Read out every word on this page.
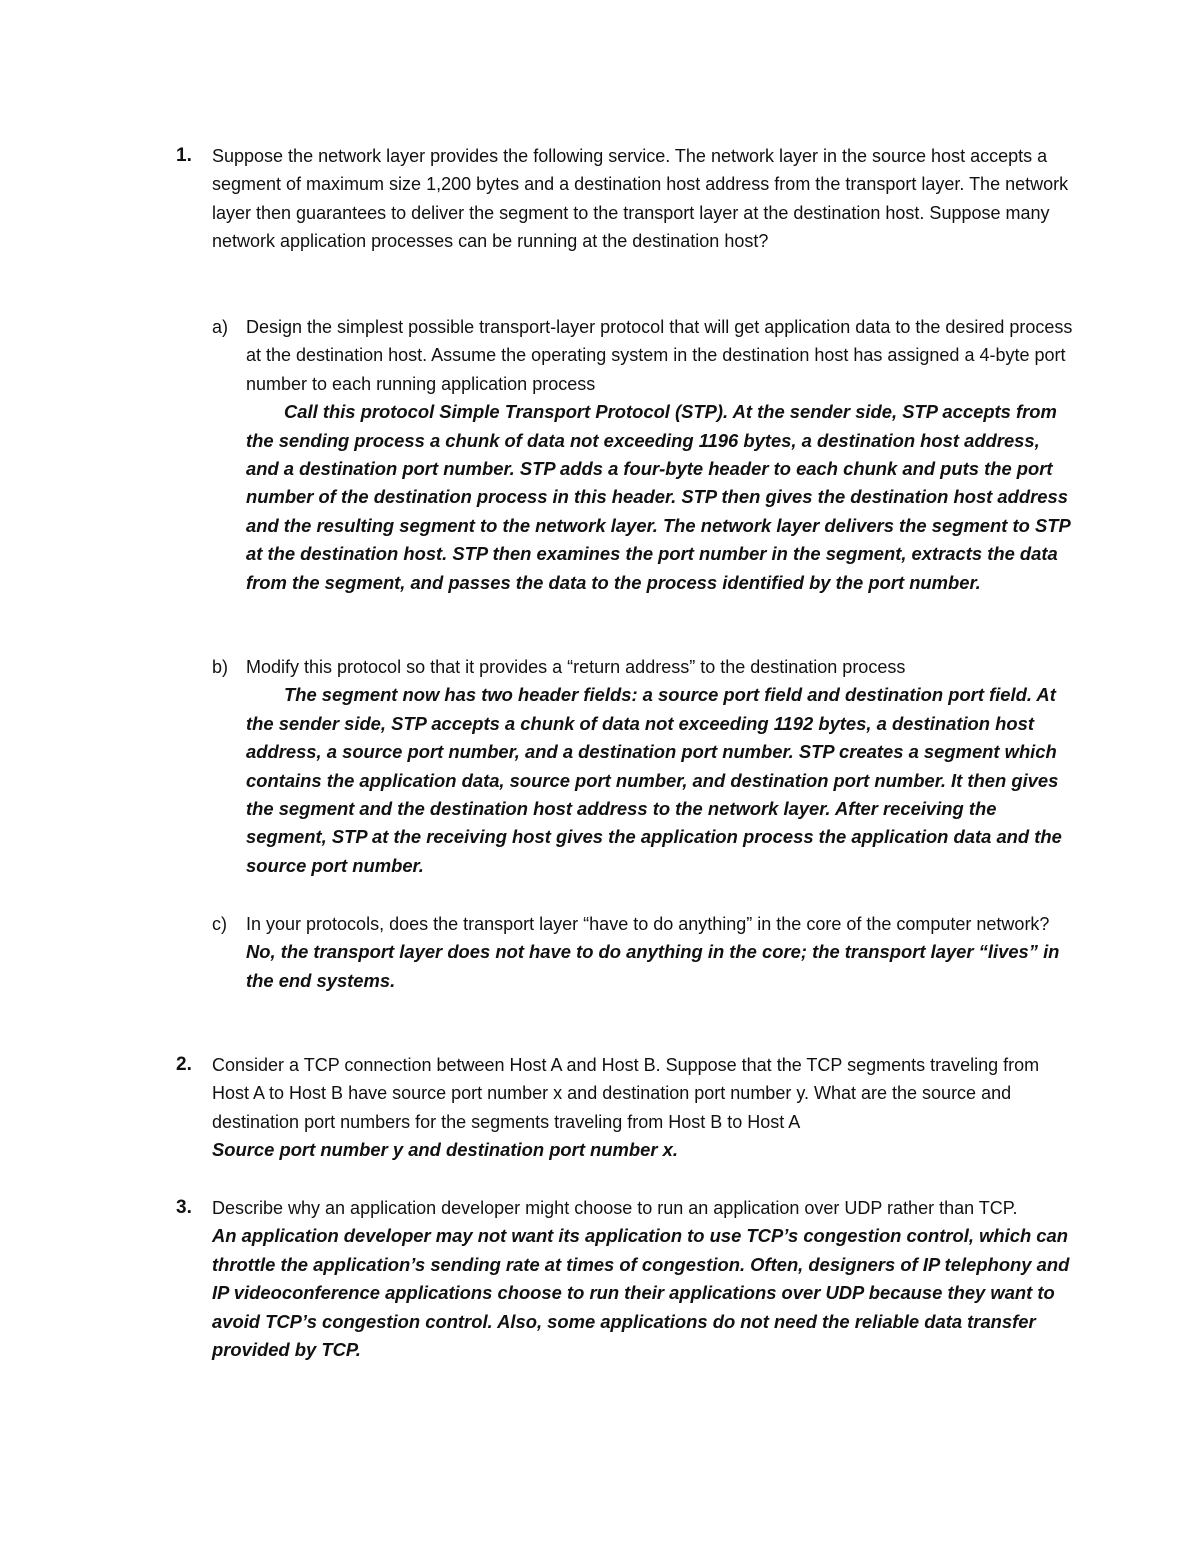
1. Suppose the network layer provides the following service. The network layer in the source host accepts a segment of maximum size 1,200 bytes and a destination host address from the transport layer. The network layer then guarantees to deliver the segment to the transport layer at the destination host. Suppose many network application processes can be running at the destination host?

a) Design the simplest possible transport-layer protocol that will get application data to the desired process at the destination host. Assume the operating system in the destination host has assigned a 4-byte port number to each running application process

Call this protocol Simple Transport Protocol (STP). At the sender side, STP accepts from the sending process a chunk of data not exceeding 1196 bytes, a destination host address, and a destination port number. STP adds a four-byte header to each chunk and puts the port number of the destination process in this header. STP then gives the destination host address and the resulting segment to the network layer. The network layer delivers the segment to STP at the destination host. STP then examines the port number in the segment, extracts the data from the segment, and passes the data to the process identified by the port number.

b) Modify this protocol so that it provides a “return address” to the destination process

The segment now has two header fields: a source port field and destination port field. At the sender side, STP accepts a chunk of data not exceeding 1192 bytes, a destination host address, a source port number, and a destination port number. STP creates a segment which contains the application data, source port number, and destination port number. It then gives the segment and the destination host address to the network layer. After receiving the segment, STP at the receiving host gives the application process the application data and the source port number.

c) In your protocols, does the transport layer “have to do anything” in the core of the computer network?

No, the transport layer does not have to do anything in the core; the transport layer “lives” in the end systems.

2. Consider a TCP connection between Host A and Host B. Suppose that the TCP segments traveling from Host A to Host B have source port number x and destination port number y. What are the source and destination port numbers for the segments traveling from Host B to Host A

Source port number y and destination port number x.

3. Describe why an application developer might choose to run an application over UDP rather than TCP.

An application developer may not want its application to use TCP’s congestion control, which can throttle the application’s sending rate at times of congestion. Often, designers of IP telephony and IP videoconference applications choose to run their applications over UDP because they want to avoid TCP’s congestion control. Also, some applications do not need the reliable data transfer provided by TCP.
